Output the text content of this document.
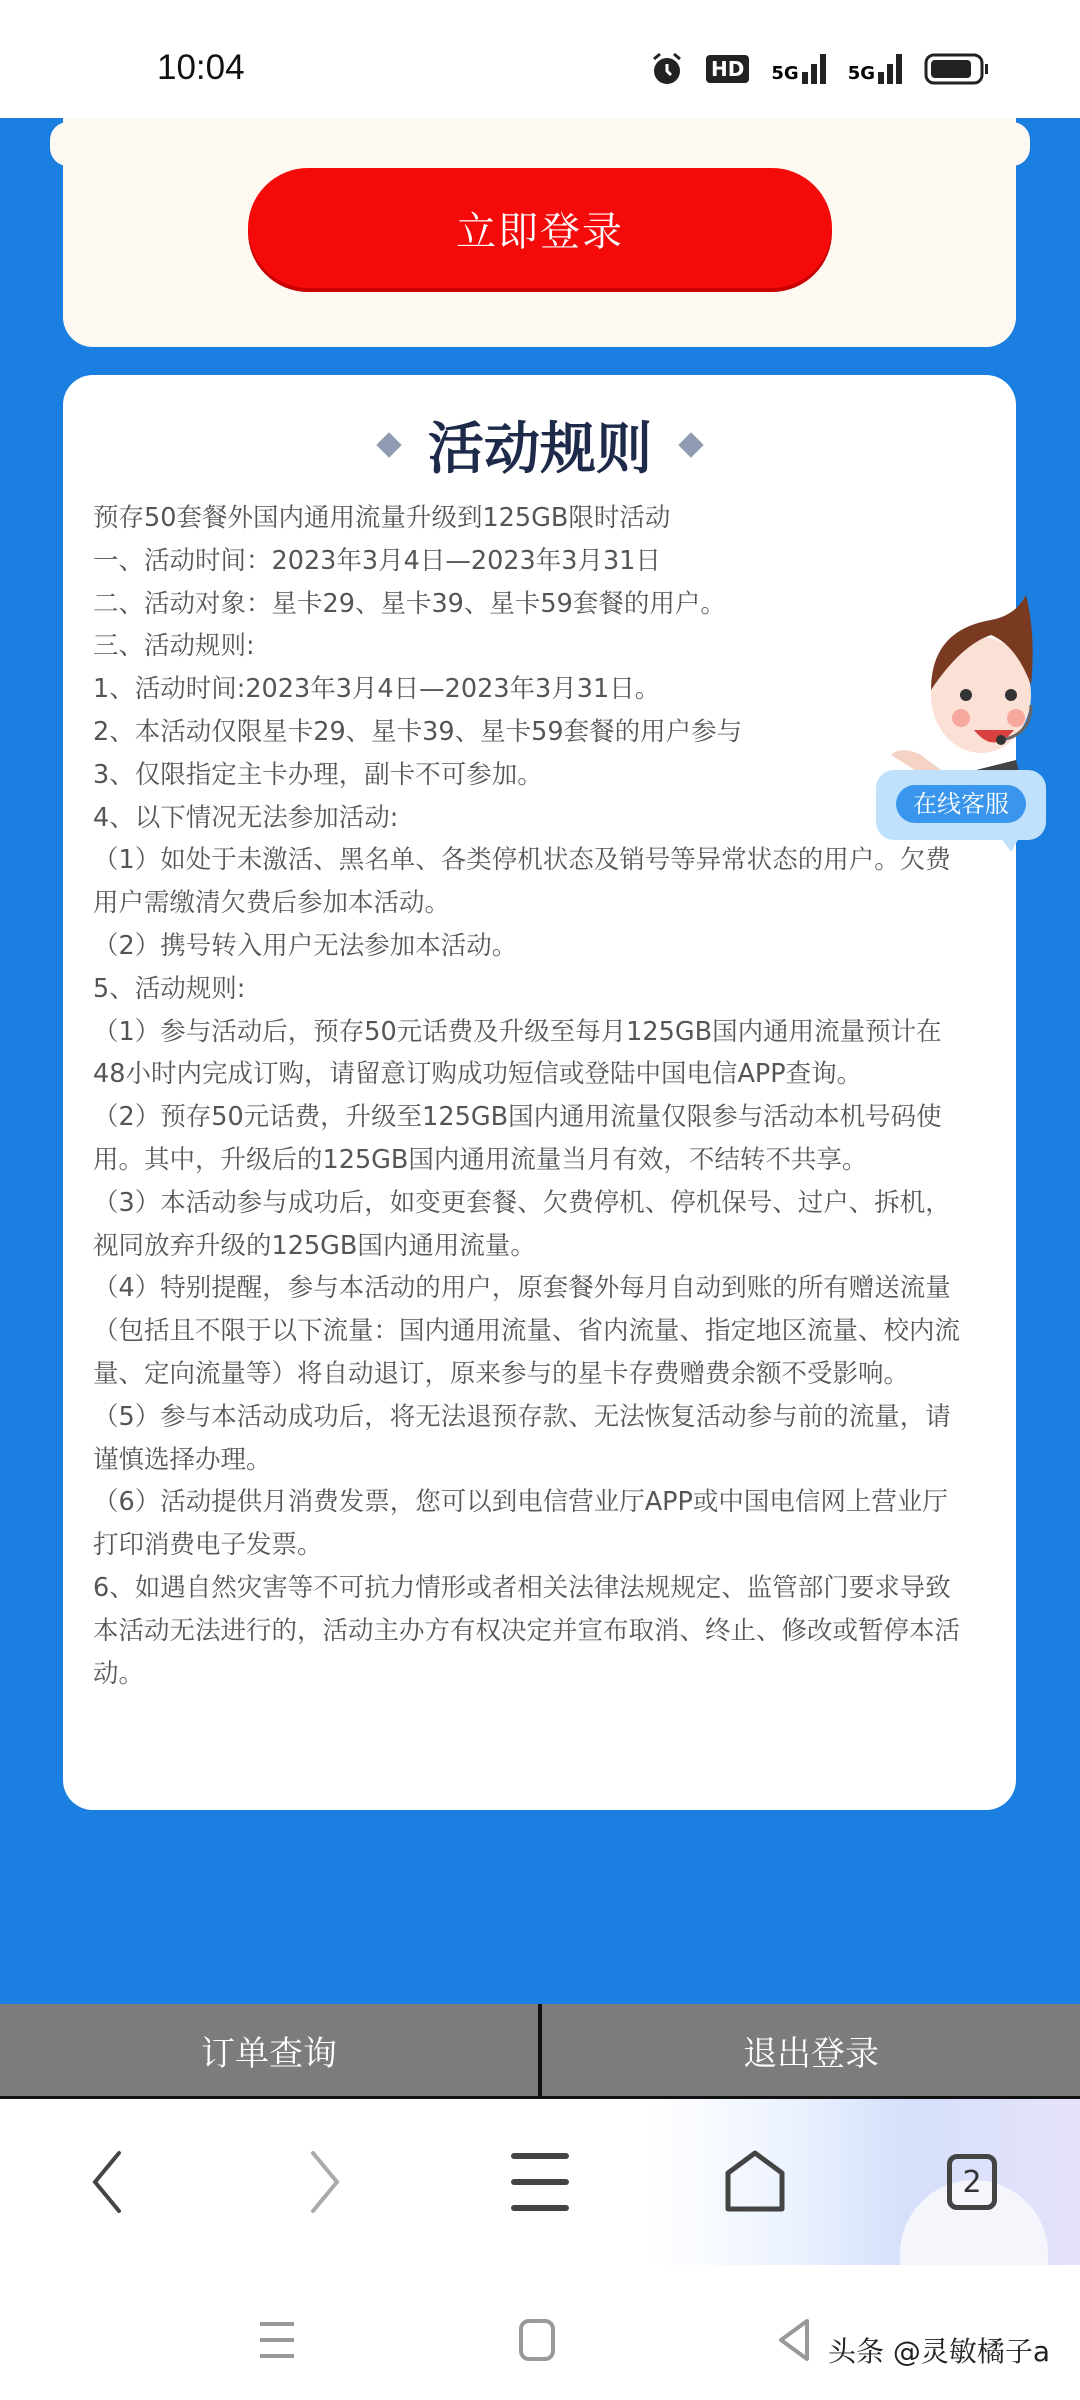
10:04	HD 5G	5G
立即登录
活动规则

预存50套餐外国内通用流量升级到125GB限时活动

一、活动时间：2023年3月4日—2023年3月31日

二、活动对象：星卡29、星卡39、星卡59套餐的用户。

三、活动规则:

1、活动时间:2023年3月4日—2023年3月31日。

2、本活动仅限星卡29、星卡39、星卡59套餐的用户参与

3、仅限指定主卡办理，副卡不可参加。

4、以下情况无法参加活动:

（1）如处于未激活、黑名单、各类停机状态及销号等异常状态的用户。欠费用户需缴清欠费后参加本活动。

（2）携号转入用户无法参加本活动。

5、活动规则:

（1）参与活动后，预存50元话费及升级至每月125GB国内通用流量预计在48小时内完成订购，请留意订购成功短信或登陆中国电信APP查询。

（2）预存50元话费，升级至125GB国内通用流量仅限参与活动本机号码使用。其中，升级后的125GB国内通用流量当月有效，不结转不共享。

（3）本活动参与成功后，如变更套餐、欠费停机、停机保号、过户、拆机，视同放弃升级的125GB国内通用流量。

（4）特别提醒，参与本活动的用户，原套餐外每月自动到账的所有赠送流量（包括且不限于以下流量：国内通用流量、省内流量、指定地区流量、校内流量、定向流量等）将自动退订，原来参与的星卡存费赠费余额不受影响。

（5）参与本活动成功后，将无法退预存款、无法恢复活动参与前的流量，请谨慎选择办理。

（6）活动提供月消费发票，您可以到电信营业厅APP或中国电信网上营业厅打印消费电子发票。

6、如遇自然灾害等不可抗力情形或者相关法律法规规定、监管部门要求导致本活动无法进行的，活动主办方有权决定并宣布取消、终止、修改或暂停本活动。

在线客服
订单查询	退出登录
2
头条 @灵敏橘子a
